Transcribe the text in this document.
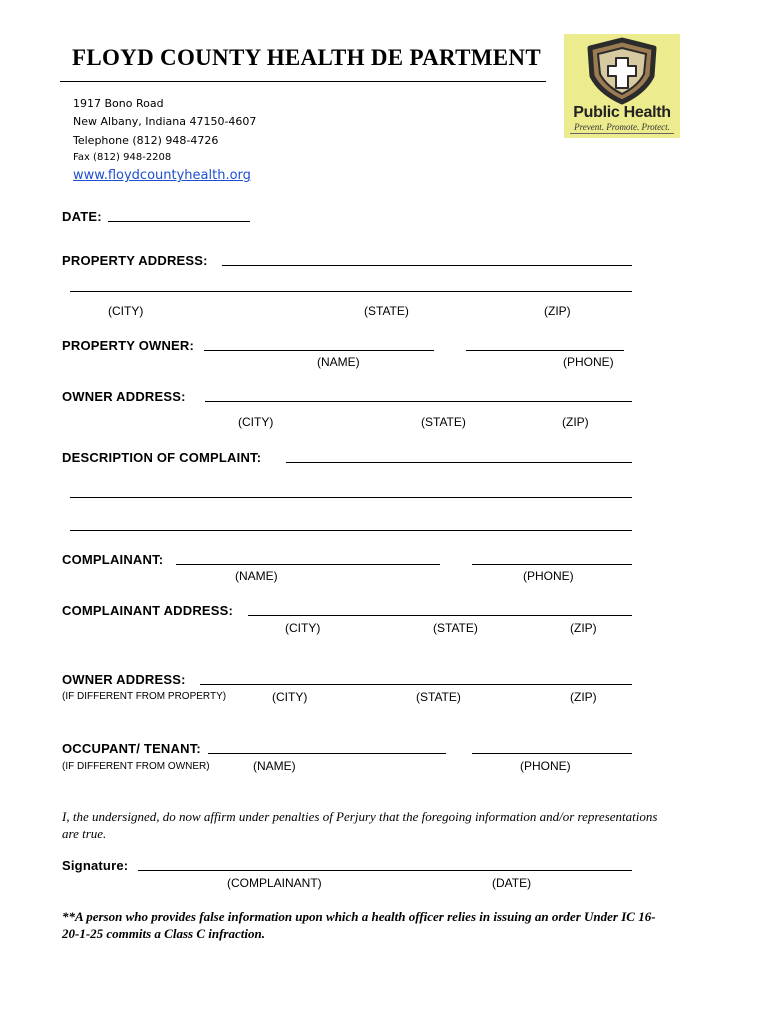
FLOYD COUNTY HEALTH DE PARTMENT
1917 Bono Road
New Albany, Indiana 47150-4607
Telephone (812) 948-4726
Fax (812) 948-2208
www.floydcountyhealth.org
Public Health
Prevent. Promote. Protect.
DATE:
PROPERTY ADDRESS:
(CITY)	(STATE)	(ZIP)
PROPERTY OWNER:
(NAME)	(PHONE)
OWNER ADDRESS:
(CITY)	(STATE)	(ZIP)
DESCRIPTION OF COMPLAINT:
COMPLAINANT:
(NAME)	(PHONE)
COMPLAINANT ADDRESS:
(CITY)	(STATE)	(ZIP)
OWNER ADDRESS:
(IF DIFFERENT FROM PROPERTY)	(CITY)	(STATE)	(ZIP)
OCCUPANT/ TENANT:
(IF DIFFERENT FROM OWNER)	(NAME)	(PHONE)
I, the undersigned, do now affirm under penalties of Perjury that the foregoing information and/or representations are true.
Signature:
(COMPLAINANT)	(DATE)
**A person who provides false information upon which a health officer relies in issuing an order Under IC 16-20-1-25 commits a Class C infraction.
